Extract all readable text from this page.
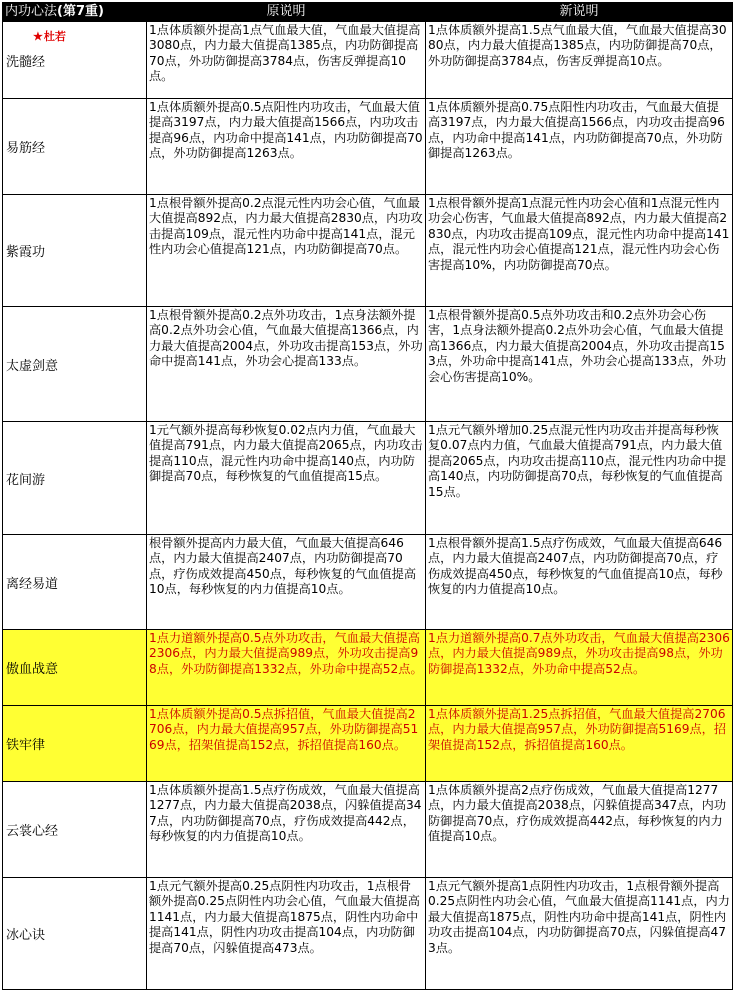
内功心法(第7重)	原说明	新说明

★杜若
洗髓经	1点体质额外提高1点气血最大值，气血最大值提高3080点，内力最大值提高1385点，内功防御提高70点，外功防御提高3784点，伤害反弹提高10点。	1点体质额外提高1.5点气血最大值，气血最大值提高3080点，内力最大值提高1385点，内功防御提高70点，外功防御提高3784点，伤害反弹提高10点。
易筋经	1点体质额外提高0.5点阳性内功攻击，气血最大值提高3197点，内力最大值提高1566点，内功攻击提高96点，内功命中提高141点，内功防御提高70点，外功防御提高1263点。	1点体质额外提高0.75点阳性内功攻击，气血最大值提高3197点，内力最大值提高1566点，内功攻击提高96点，内功命中提高141点，内功防御提高70点，外功防御提高1263点。
紫霞功	1点根骨额外提高0.2点混元性内功会心值，气血最大值提高892点，内力最大值提高2830点，内功攻击提高109点，混元性内功命中提高141点，混元性内功会心值提高121点，内功防御提高70点。	1点根骨额外提高1点混元性内功会心值和1点混元性内功会心伤害，气血最大值提高892点，内力最大值提高2830点，内功攻击提高109点，混元性内功命中提高141点，混元性内功会心值提高121点，混元性内功会心伤害提高10%，内功防御提高70点。
太虚剑意	1点根骨额外提高0.2点外功攻击，1点身法额外提高0.2点外功会心值，气血最大值提高1366点，内力最大值提高2004点，外功攻击提高153点，外功命中提高141点，外功会心提高133点。	1点根骨额外提高0.5点外功攻击和0.2点外功会心伤害，1点身法额外提高0.2点外功会心值，气血最大值提高1366点，内力最大值提高2004点，外功攻击提高153点，外功命中提高141点，外功会心提高133点，外功会心伤害提高10%。
花间游	1元气额外提高每秒恢复0.02点内力值，气血最大值提高791点，内力最大值提高2065点，内功攻击提高110点，混元性内功命中提高140点，内功防御提高70点，每秒恢复的气血值提高15点。	1点元气额外增加0.25点混元性内功攻击并提高每秒恢复0.07点内力值，气血最大值提高791点，内力最大值提高2065点，内功攻击提高110点，混元性内功命中提高140点，内功防御提高70点，每秒恢复的气血值提高15点。
离经易道	根骨额外提高内力最大值，气血最大值提高646点，内力最大值提高2407点，内功防御提高70点，疗伤成效提高450点，每秒恢复的气血值提高10点，每秒恢复的内力值提高10点。	1点根骨额外提高1.5点疗伤成效，气血最大值提高646点，内力最大值提高2407点，内功防御提高70点，疗伤成效提高450点，每秒恢复的气血值提高10点，每秒恢复的内力值提高10点。
傲血战意	1点力道额外提高0.5点外功攻击，气血最大值提高2306点，内力最大值提高989点，外功攻击提高98点，外功防御提高1332点，外功命中提高52点。	1点力道额外提高0.7点外功攻击，气血最大值提高2306点，内力最大值提高989点，外功攻击提高98点，外功防御提高1332点，外功命中提高52点。
铁牢律	1点体质额外提高0.5点拆招值，气血最大值提高2706点，内力最大值提高957点，外功防御提高5169点，招架值提高152点，拆招值提高160点。	1点体质额外提高1.25点拆招值，气血最大值提高2706点，内力最大值提高957点，外功防御提高5169点，招架值提高152点，拆招值提高160点。
云裳心经	1点体质额外提高1.5点疗伤成效，气血最大值提高1277点，内力最大值提高2038点，闪躲值提高347点，内功防御提高70点，疗伤成效提高442点，每秒恢复的内力值提高10点。	1点体质额外提高2点疗伤成效，气血最大值提高1277点，内力最大值提高2038点，闪躲值提高347点，内功防御提高70点，疗伤成效提高442点，每秒恢复的内力值提高10点。
冰心诀	1点元气额外提高0.25点阴性内功攻击，1点根骨额外提高0.25点阴性内功会心值，气血最大值提高1141点，内力最大值提高1875点，阴性内功命中提高141点，阴性内功攻击提高104点，内功防御提高70点，闪躲值提高473点。	1点元气额外提高1点阴性内功攻击，1点根骨额外提高0.25点阴性内功会心值，气血最大值提高1141点，内力最大值提高1875点，阴性内功命中提高141点，阴性内功攻击提高104点，内功防御提高70点，闪躲值提高473点。
